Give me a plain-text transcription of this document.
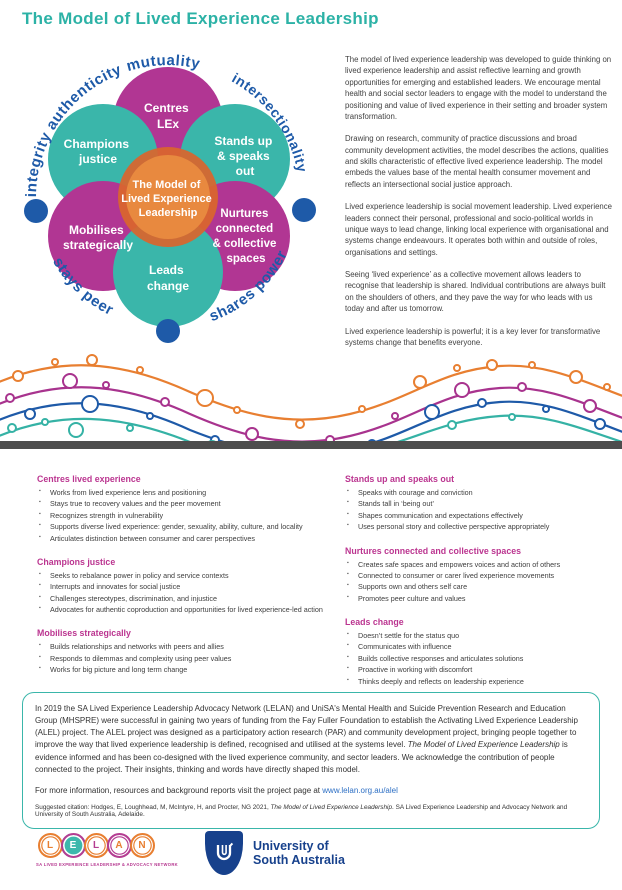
The Model of Lived Experience Leadership
Centres LEx
Champions justice
Stands up & speaks out
Mobilises strategically
Nurtures connected & collective spaces
Leads change
The Model of Lived Experience Leadership
integrity
authenticity mutuality
intersectionality
stays peer	shares power

The model of lived experience leadership was developed to guide thinking on lived experience leadership and assist reflective learning and growth opportunities for emerging and established leaders. We encourage mental health and social sector leaders to engage with the model to understand the positioning and value of lived experience in their setting and broader system transformation.

Drawing on research, community of practice discussions and broad community development activities, the model describes the actions, qualities and skills characteristic of effective lived experience leadership. The model embeds the values base of the mental health consumer movement and reflects an intersectional social justice approach.

Lived experience leadership is social movement leadership. Lived experience leaders connect their personal, professional and socio-political worlds in unique ways to lead change, linking local experience with organisational and systems change endeavours. It operates both within and outside of roles, organisations and settings.

Seeing ‘lived experience’ as a collective movement allows leaders to recognise that leadership is shared. Individual contributions are always built on the shoulders of others, and they pave the way for who leads with us today and after us tomorrow.

Lived experience leadership is powerful; it is a key lever for transformative systems change that benefits everyone.

Centres lived experience
▪ Works from lived experience lens and positioning
▪ Stays true to recovery values and the peer movement
▪ Recognizes strength in vulnerability
▪ Supports diverse lived experience: gender, sexuality, ability, culture, and locality
▪ Articulates distinction between consumer and carer perspectives
Champions justice
▪ Seeks to rebalance power in policy and service contexts
▪ Interrupts and innovates for social justice
▪ Challenges stereotypes, discrimination, and injustice
▪ Advocates for authentic coproduction and opportunities for lived experience-led action
Mobilises strategically
▪ Builds relationships and networks with peers and allies
▪ Responds to dilemmas and complexity using peer values
▪ Works for big picture and long term change
Stands up and speaks out
▪ Speaks with courage and conviction
▪ Stands tall in ‘being out’
▪ Shapes communication and expectations effectively
▪ Uses personal story and collective perspective appropriately
Nurtures connected and collective spaces
▪ Creates safe spaces and empowers voices and action of others
▪ Connected to consumer or carer lived experience movements
▪ Supports own and others self care
▪ Promotes peer culture and values
Leads change
▪ Doesn’t settle for the status quo
▪ Communicates with influence
▪ Builds collective responses and articulates solutions
▪ Proactive in working with discomfort
▪ Thinks deeply and reflects on leadership experience
In 2019 the SA Lived Experience Leadership Advocacy Network (LELAN) and UniSA's Mental Health and Suicide Prevention Research and Education Group (MHSPRE) were successful in gaining two years of funding from the Fay Fuller Foundation to establish the Activating Lived Experience Leadership (ALEL) project. The ALEL project was designed as a participatory action research (PAR) and community development project, bringing people together to improve the way that lived experience leadership is defined, recognised and utilised at the systems level. The Model of Lived Experience Leadership is evidence informed and has been co-designed with the lived experience community, and sector leaders. We acknowledge the contribution of people connected to the project. Their insights, thinking and words have directly shaped this model.
For more information, resources and background reports visit the project page at www.lelan.org.au/alel
Suggested citation: Hodges, E, Loughhead, M, McIntyre, H, and Procter, NG 2021, The Model of Lived Experience Leadership. SA Lived Experience Leadership and Advocacy Network and University of South Australia, Adelaide.
L	E	L	A	N
SA LIVED EXPERIENCE LEADERSHIP & ADVOCACY NETWORK
University of
South Australia
